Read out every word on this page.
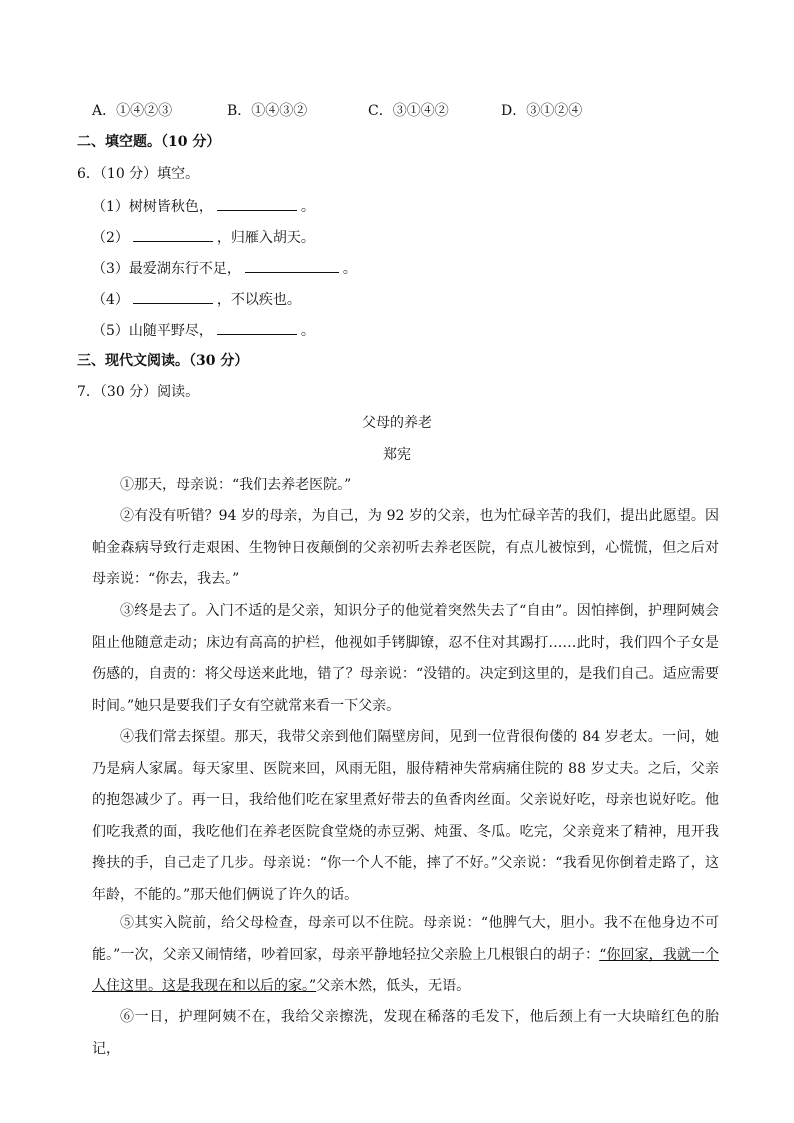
A．①④②③	B．①④③②	C．③①④②	D．③①②④
二、填空题。（10 分）
6．（10 分）填空。
（1）树树皆秋色，	。
（2）	，归雁入胡天。
（3）最爱湖东行不足，	。
（4）	，不以疾也。
（5）山随平野尽，	。
三、现代文阅读。（30 分）
7．（30 分）阅读。
父母的养老
郑宪

①那天，母亲说：“我们去养老医院。”

②有没有听错？94 岁的母亲，为自己，为 92 岁的父亲，也为忙碌辛苦的我们，提出此愿望。因帕金森病导致行走艰困、生物钟日夜颠倒的父亲初听去养老医院，有点儿被惊到，心慌慌，但之后对母亲说：“你去，我去。”

③终是去了。入门不适的是父亲，知识分子的他觉着突然失去了“自由”。因怕摔倒，护理阿姨会阻止他随意走动；床边有高高的护栏，他视如手铐脚镣，忍不住对其踢打……此时，我们四个子女是伤感的，自责的：将父母送来此地，错了？母亲说：“没错的。决定到这里的，是我们自己。适应需要时间。”她只是要我们子女有空就常来看一下父亲。

④我们常去探望。那天，我带父亲到他们隔壁房间，见到一位背很佝偻的 84 岁老太。一问，她乃是病人家属。每天家里、医院来回，风雨无阻，服侍精神失常病痛住院的 88 岁丈夫。之后，父亲的抱怨减少了。再一日，我给他们吃在家里煮好带去的鱼香肉丝面。父亲说好吃，母亲也说好吃。他们吃我煮的面，我吃他们在养老医院食堂烧的赤豆粥、炖蛋、冬瓜。吃完，父亲竟来了精神，甩开我搀扶的手，自己走了几步。母亲说：“你一个人不能，摔了不好。”父亲说：“我看见你倒着走路了，这年龄，不能的。”那天他们俩说了许久的话。

⑤其实入院前，给父母检查，母亲可以不住院。母亲说：“他脾气大，胆小。我不在他身边不可能。”一次，父亲又闹情绪，吵着回家，母亲平静地轻拉父亲脸上几根银白的胡子：“你回家，我就一个人住这里。这是我现在和以后的家。”父亲木然，低头，无语。

⑥一日，护理阿姨不在，我给父亲擦洗，发现在稀落的毛发下，他后颈上有一大块暗红色的胎记，
